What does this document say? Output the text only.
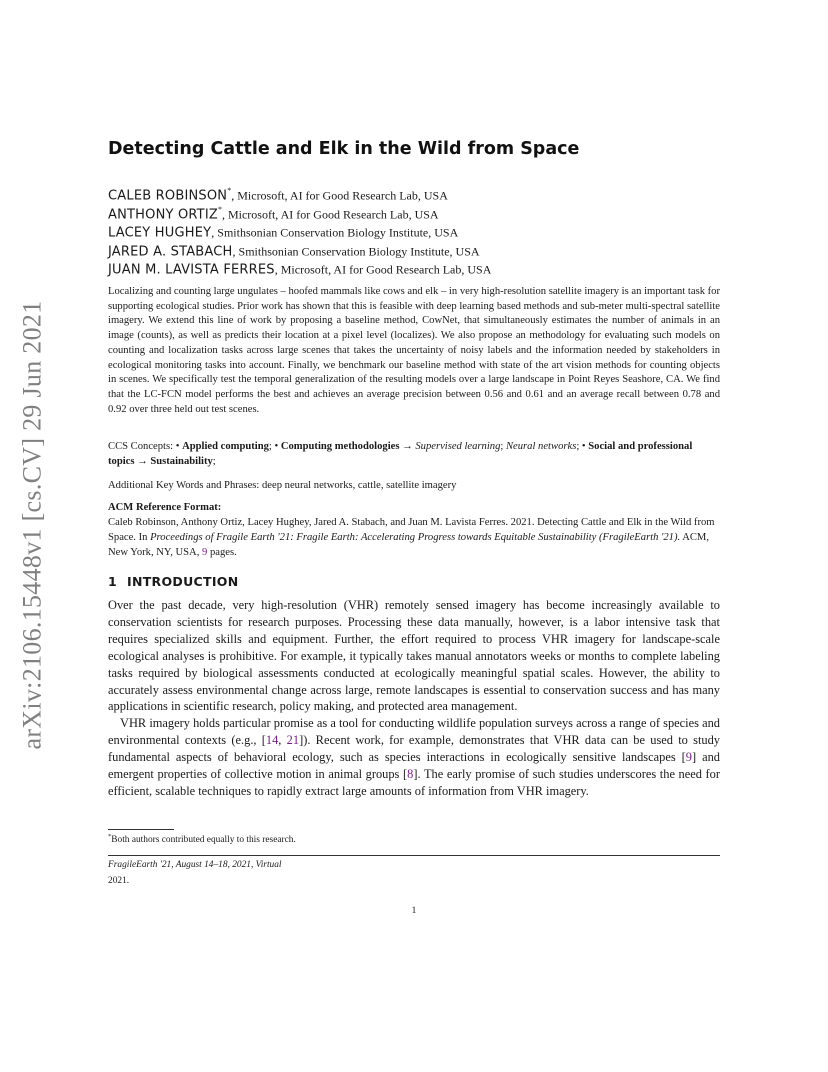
arXiv:2106.15448v1 [cs.CV] 29 Jun 2021
Detecting Cattle and Elk in the Wild from Space
CALEB ROBINSON*, Microsoft, AI for Good Research Lab, USA
ANTHONY ORTIZ*, Microsoft, AI for Good Research Lab, USA
LACEY HUGHEY, Smithsonian Conservation Biology Institute, USA
JARED A. STABACH, Smithsonian Conservation Biology Institute, USA
JUAN M. LAVISTA FERRES, Microsoft, AI for Good Research Lab, USA

Localizing and counting large ungulates – hoofed mammals like cows and elk – in very high-resolution satellite imagery is an important task for supporting ecological studies. Prior work has shown that this is feasible with deep learning based methods and sub-meter multi-spectral satellite imagery. We extend this line of work by proposing a baseline method, CowNet, that simultaneously estimates the number of animals in an image (counts), as well as predicts their location at a pixel level (localizes). We also propose an methodology for evaluating such models on counting and localization tasks across large scenes that takes the uncertainty of noisy labels and the information needed by stakeholders in ecological monitoring tasks into account. Finally, we benchmark our baseline method with state of the art vision methods for counting objects in scenes. We specifically test the temporal generalization of the resulting models over a large landscape in Point Reyes Seashore, CA. We find that the LC-FCN model performs the best and achieves an average precision between 0.56 and 0.61 and an average recall between 0.78 and 0.92 over three held out test scenes.

CCS Concepts: • Applied computing; • Computing methodologies → Supervised learning; Neural networks; • Social and professional topics → Sustainability;

Additional Key Words and Phrases: deep neural networks, cattle, satellite imagery

ACM Reference Format:
Caleb Robinson, Anthony Ortiz, Lacey Hughey, Jared A. Stabach, and Juan M. Lavista Ferres. 2021. Detecting Cattle and Elk in the Wild from Space. In Proceedings of Fragile Earth '21: Fragile Earth: Accelerating Progress towards Equitable Sustainability (FragileEarth '21). ACM, New York, NY, USA, 9 pages.
1 INTRODUCTION

Over the past decade, very high-resolution (VHR) remotely sensed imagery has become increasingly available to conservation scientists for research purposes. Processing these data manually, however, is a labor intensive task that requires specialized skills and equipment. Further, the effort required to process VHR imagery for landscape-scale ecological analyses is prohibitive. For example, it typically takes manual annotators weeks or months to complete labeling tasks required by biological assessments conducted at ecologically meaningful spatial scales. However, the ability to accurately assess environmental change across large, remote landscapes is essential to conservation success and has many applications in scientific research, policy making, and protected area management.

VHR imagery holds particular promise as a tool for conducting wildlife population surveys across a range of species and environmental contexts (e.g., [14, 21]). Recent work, for example, demonstrates that VHR data can be used to study fundamental aspects of behavioral ecology, such as species interactions in ecologically sensitive landscapes [9] and emergent properties of collective motion in animal groups [8]. The early promise of such studies underscores the need for efficient, scalable techniques to rapidly extract large amounts of information from VHR imagery.

*Both authors contributed equally to this research.
FragileEarth '21, August 14–18, 2021, Virtual
2021.
1
